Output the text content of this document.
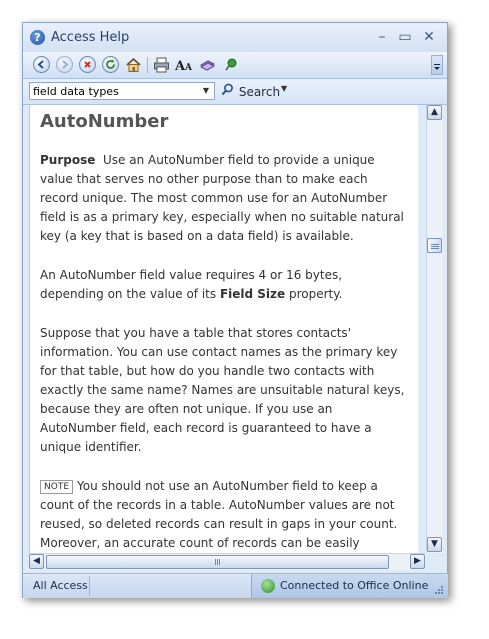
? Access Help	– ▭ ✕
A A
field data types
▼	Search ▼
AutoNumber

Purpose Use an AutoNumber field to provide a unique value that serves no other purpose than to make each record unique. The most common use for an AutoNumber field is as a primary key, especially when no suitable natural key (a key that is based on a data field) is available.

An AutoNumber field value requires 4 or 16 bytes, depending on the value of its Field Size property.

Suppose that you have a table that stores contacts' information. You can use contact names as the primary key for that table, but how do you handle two contacts with exactly the same name? Names are unsuitable natural keys, because they are often not unique. If you use an AutoNumber field, each record is guaranteed to have a unique identifier.

NOTE You should not use an AutoNumber field to keep a count of the records in a table. AutoNumber values are not reused, so deleted records can result in gaps in your count. Moreover, an accurate count of records can be easily

▲
▼
◀	▶
All Access	Connected to Office Online
